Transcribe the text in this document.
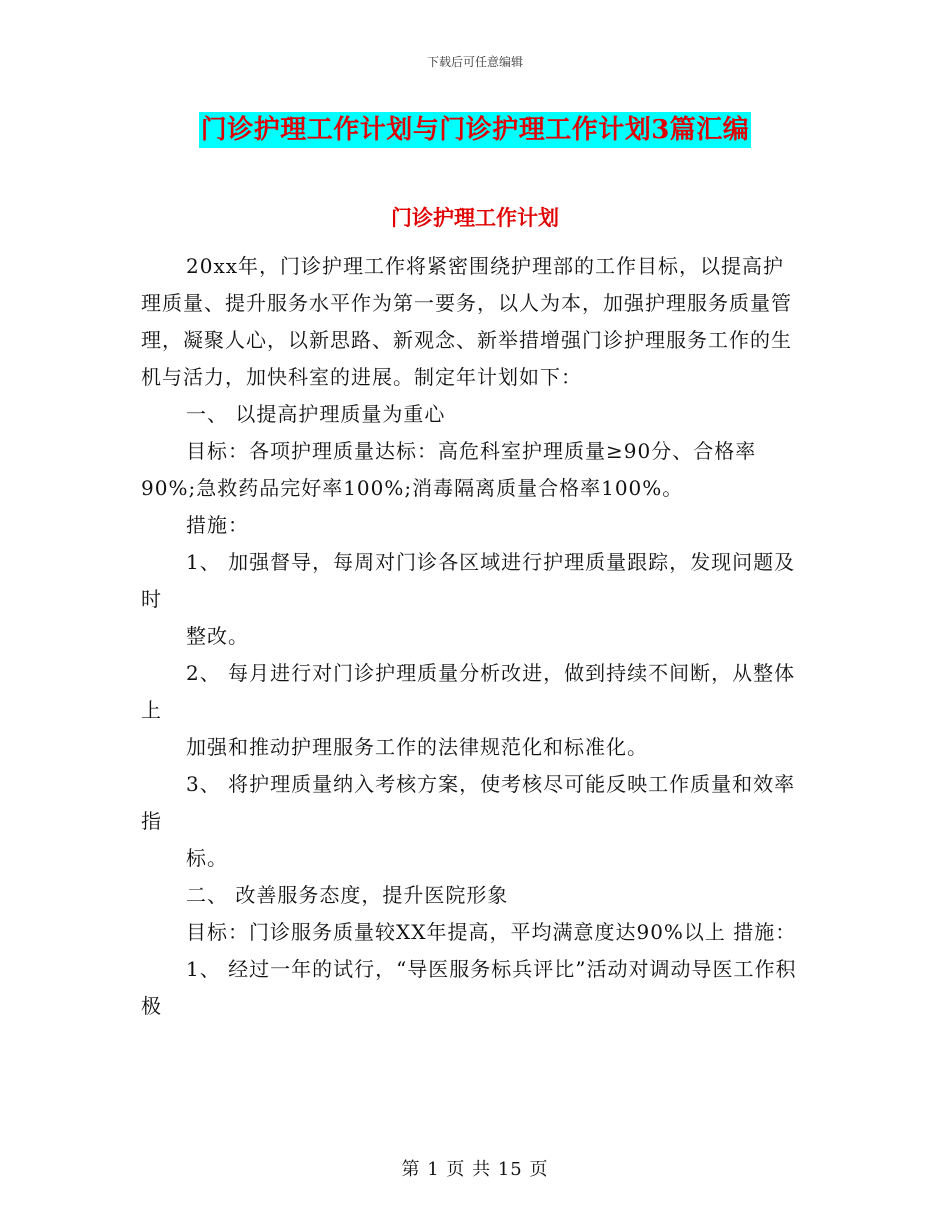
下载后可任意编辑
门诊护理工作计划与门诊护理工作计划3篇汇编
门诊护理工作计划

20xx年，门诊护理工作将紧密围绕护理部的工作目标，以提高护理质量、提升服务水平作为第一要务，以人为本，加强护理服务质量管理，凝聚人心，以新思路、新观念、新举措增强门诊护理服务工作的生机与活力，加快科室的进展。制定年计划如下：

一、 以提高护理质量为重心

目标：各项护理质量达标：高危科室护理质量≥90分、合格率90%;急救药品完好率100%;消毒隔离质量合格率100%。

措施：

1、 加强督导，每周对门诊各区域进行护理质量跟踪，发现问题及时

整改。

2、 每月进行对门诊护理质量分析改进，做到持续不间断，从整体上

加强和推动护理服务工作的法律规范化和标准化。

3、 将护理质量纳入考核方案，使考核尽可能反映工作质量和效率指

标。

二、 改善服务态度，提升医院形象

目标：门诊服务质量较XX年提高，平均满意度达90%以上 措施：

1、 经过一年的试行，“导医服务标兵评比”活动对调动导医工作积极

第 1 页 共 15 页
